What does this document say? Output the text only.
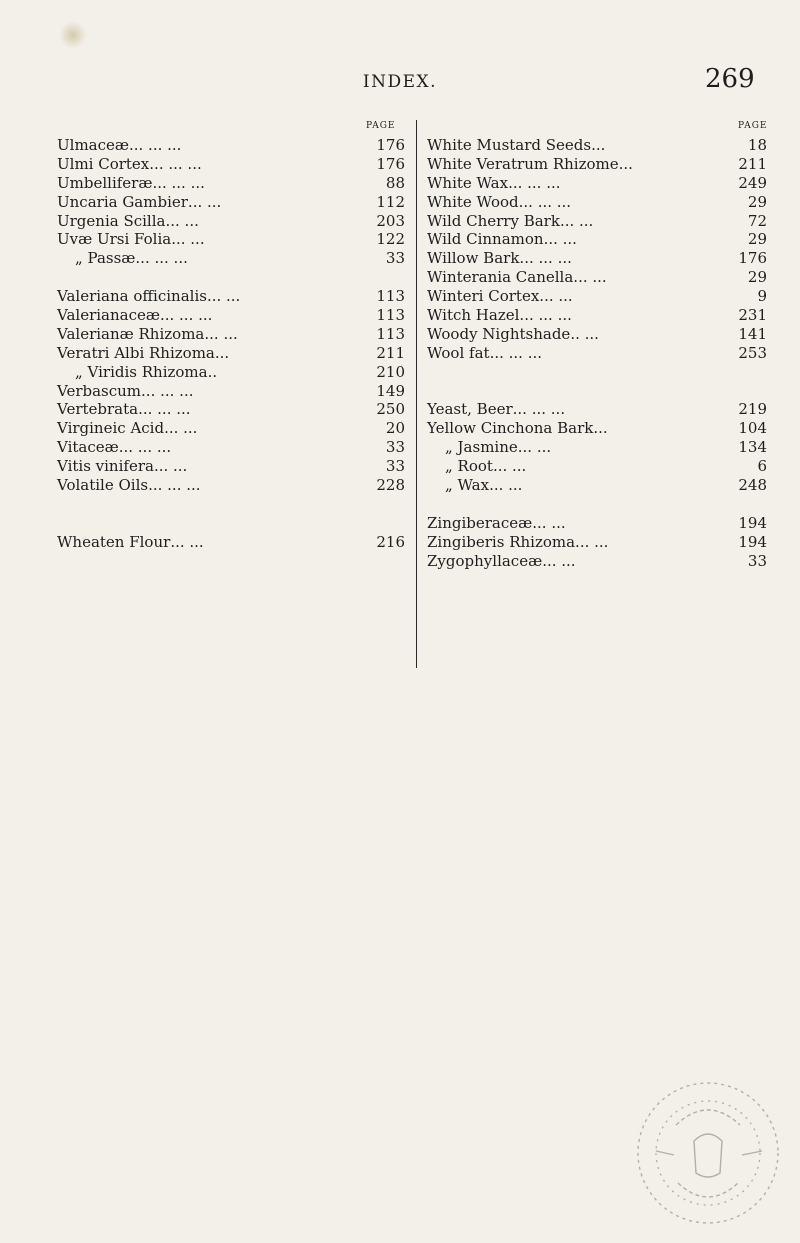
INDEX.	269
PAGE	PAGE
Ulmaceæ ... ... ...	176
Ulmi Cortex ... ... ...	176
Umbelliferæ ... ... ...	88
Uncaria Gambier ... ...	112
Urgenia Scilla ... ...	203
Uvæ Ursi Folia ... ...	122
„ Passæ ... ... ...	33
Valeriana officinalis ... ...	113
Valerianaceæ ... ... ...	113
Valerianæ Rhizoma ... ...	113
Veratri Albi Rhizoma ...	211
„ Viridis Rhizoma ..	210
Verbascum ... ... ...	149
Vertebrata ... ... ...	250
Virgineic Acid ... ...	20
Vitaceæ ... ... ...	33
Vitis vinifera ... ...	33
Volatile Oils ... ... ...	228
Wheaten Flour ... ...	216
White Mustard Seeds ...	18
White Veratrum Rhizome ...	211
White Wax ... ... ...	249
White Wood ... ... ...	29
Wild Cherry Bark ... ...	72
Wild Cinnamon ... ...	29
Willow Bark ... ... ...	176
Winterania Canella ... ...	29
Winteri Cortex ... ...	9
Witch Hazel ... ... ...	231
Woody Nightshade .. ...	141
Wool fat ... ... ...	253
Yeast, Beer ... ... ...	219
Yellow Cinchona Bark ...	104
„ Jasmine ... ...	134
„ Root ... ...	6
„ Wax ... ...	248
Zingiberaceæ ... ...	194
Zingiberis Rhizoma ... ...	194
Zygophyllaceæ ... ...	33
